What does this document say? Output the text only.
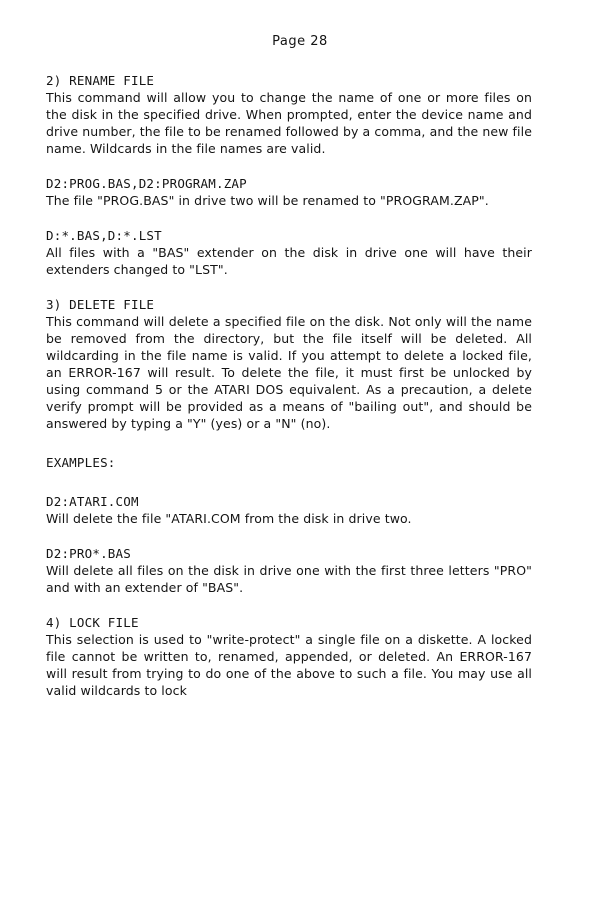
Page 28

2) RENAME FILE

This command will allow you to change the name of one or more files on the disk in the specified drive. When prompted, enter the device name and drive number, the file to be renamed followed by a comma, and the new file name. Wildcards in the file names are valid.

D2:PROG.BAS,D2:PROGRAM.ZAP

The file "PROG.BAS" in drive two will be renamed to "PROGRAM.ZAP".

D:*.BAS,D:*.LST

All files with a "BAS" extender on the disk in drive one will have their extenders changed to "LST".

3) DELETE FILE

This command will delete a specified file on the disk. Not only will the name be removed from the directory, but the file itself will be deleted. All wildcarding in the file name is valid. If you attempt to delete a locked file, an ERROR-167 will result. To delete the file, it must first be unlocked by using command 5 or the ATARI DOS equivalent. As a precaution, a delete verify prompt will be provided as a means of "bailing out", and should be answered by typing a "Y" (yes) or a "N" (no).

EXAMPLES:

D2:ATARI.COM

Will delete the file "ATARI.COM from the disk in drive two.

D2:PRO*.BAS

Will delete all files on the disk in drive one with the first three letters "PRO" and with an extender of "BAS".

4) LOCK FILE

This selection is used to "write-protect" a single file on a diskette. A locked file cannot be written to, renamed, appended, or deleted. An ERROR-167 will result from trying to do one of the above to such a file. You may use all valid wildcards to lock
